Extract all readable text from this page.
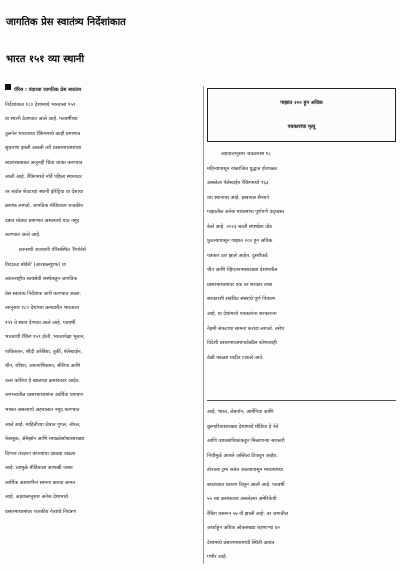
जागतिक प्रेस स्वातंत्र्य निर्देशांकात
भारत १५१ व्या स्थानी
पॅरिस : यंदाच्या जागतिक प्रेस स्वातंत्र्य
निर्देशांकात १८० देशांमध्ये भारताला १५१
वा स्थानी ठेवण्यात आले आहे. गतवर्षीच्या
तुलनेत भारताच्या रँकिंगमध्ये काही प्रमाणात
सुधारणा झाली असली तरी प्रसारमाध्यमांच्या
स्वातंत्र्याबाबत अजूनही चिंता व्यक्त करण्यात
आली आहे. रँकिंगमध्ये नॉर्वे पहिला स्थानावर
तर सर्वात शेवटच्या स्थानी इरिट्रिया या देशाचा
क्रमांक लागतो. जागतिक मीडियावर राजकीय
दबाव मोठ्या प्रमाणात असल्याचे यात नमूद
करण्यात आले आहे.
फ्रान्सची राजधानी पॅरिसस्थित 'रिपोर्टर्स
विदाऊट बॉर्डर्स' (आरडब्ल्यूएफ) या
आंतरराष्ट्रीय स्वयंसेवी संस्थेकडून जागतिक
प्रेस स्वातंत्र्य निर्देशांक जारी करण्यात आला.
त्यानुसार १८० देशांच्या क्रमवारीत भारताला
१५१ वे स्थान देण्यात आले आहे. गतवर्षी
भारताची रँकिंग १५९ होती. भारतापेक्षा भूतान,
पाकिस्तान, सौदी अरेबिया, तुर्की, पॅलेस्टाईन,
चीन, रशिया, अफगाणिस्तान, सीरिया आणि
उत्तर कोरिया हे खालच्या क्रमांकावर आहेत.
जगभरातील प्रसारमाध्यमांना आर्थिक चणचण
भासत असल्याचे अहवालात नमूद करण्यात
आले आहे. माहितीच्या क्षेत्रात गुगल, ॲपल,
फेसबुक, ॲमेझॉन आणि मायक्रोसॉफ्टसारख्या
दिग्गज तंत्रज्ञान कंपन्यांचा दबदबा वाढला
आहे. त्यामुळे मीडियाला आणखी जास्त
आर्थिक अडचणींना सामना करावा लागत
आहे. अहवालानुसार अनेक देशांमध्ये
प्रसारमाध्यमांवर राजकीय नेत्यांचे नियंत्रण
गाझात २०० हून अधिक
पत्रकारांचा मृत्यू
अहवालानुसार जवळपास १८
महिन्यांपासून रक्तरंजित युद्धात होरपळत
असलेला पॅलेस्टाईन रँकिंगमध्ये १६३
व्या स्थानावर आहे. इस्त्रायल सैन्याने
गाझातील अनेक माध्यमांना पूर्णपणे उद्ध्वस्त
केले आहे. २०२३ साली संघर्षाला तोंड
फुटल्यापासून गाझात २०० हून अधिक
पत्रकार ठार झाले आहेत. दुसरीकडे
चीन आणि व्हिएतनामसारख्या देशांमधील
प्रसारमाध्यमांवर एक तर सरकार ताबा
सरकारशी संबंधित संस्थांचे पूर्ण नियंत्रण
आहे. या देशांमध्ये पत्रकारांना सरकारांना
नेहमी संकटाचा सामना करावा लागतो. तसेच
विदेशी प्रसारमाध्यमांनादेखील कोणत्याही
वेळी काळ्या यादीत टाकले जाते.
आहे. भारत, लेबनॉन, आर्मेनिया आणि
बुल्गारियासारख्या देशांमध्ये मीडिया हे नेते
आणि व्यावसायिकांकडून मिळणाऱ्या सरकारी
निधीमुळे आपले अस्तित्व टिकवून आहेत.
डोनाल्ड ट्रम्प सत्तेत आल्यापासून माध्यमांच्या
स्वातंत्र्यात घसरण दिसून आली आहे. गतवर्षी
५५ व्या क्रमांकावर असलेल्या अमेरिकेची
रँकिंग घसरून ५७ वी झाली आहे. तर जगातील
अर्ध्याहून अधिक लोकसंख्या राहणाऱ्या ४२
देशांमध्ये प्रसारमाध्यमांची स्थिती अत्यंत
गंभीर आहे.
